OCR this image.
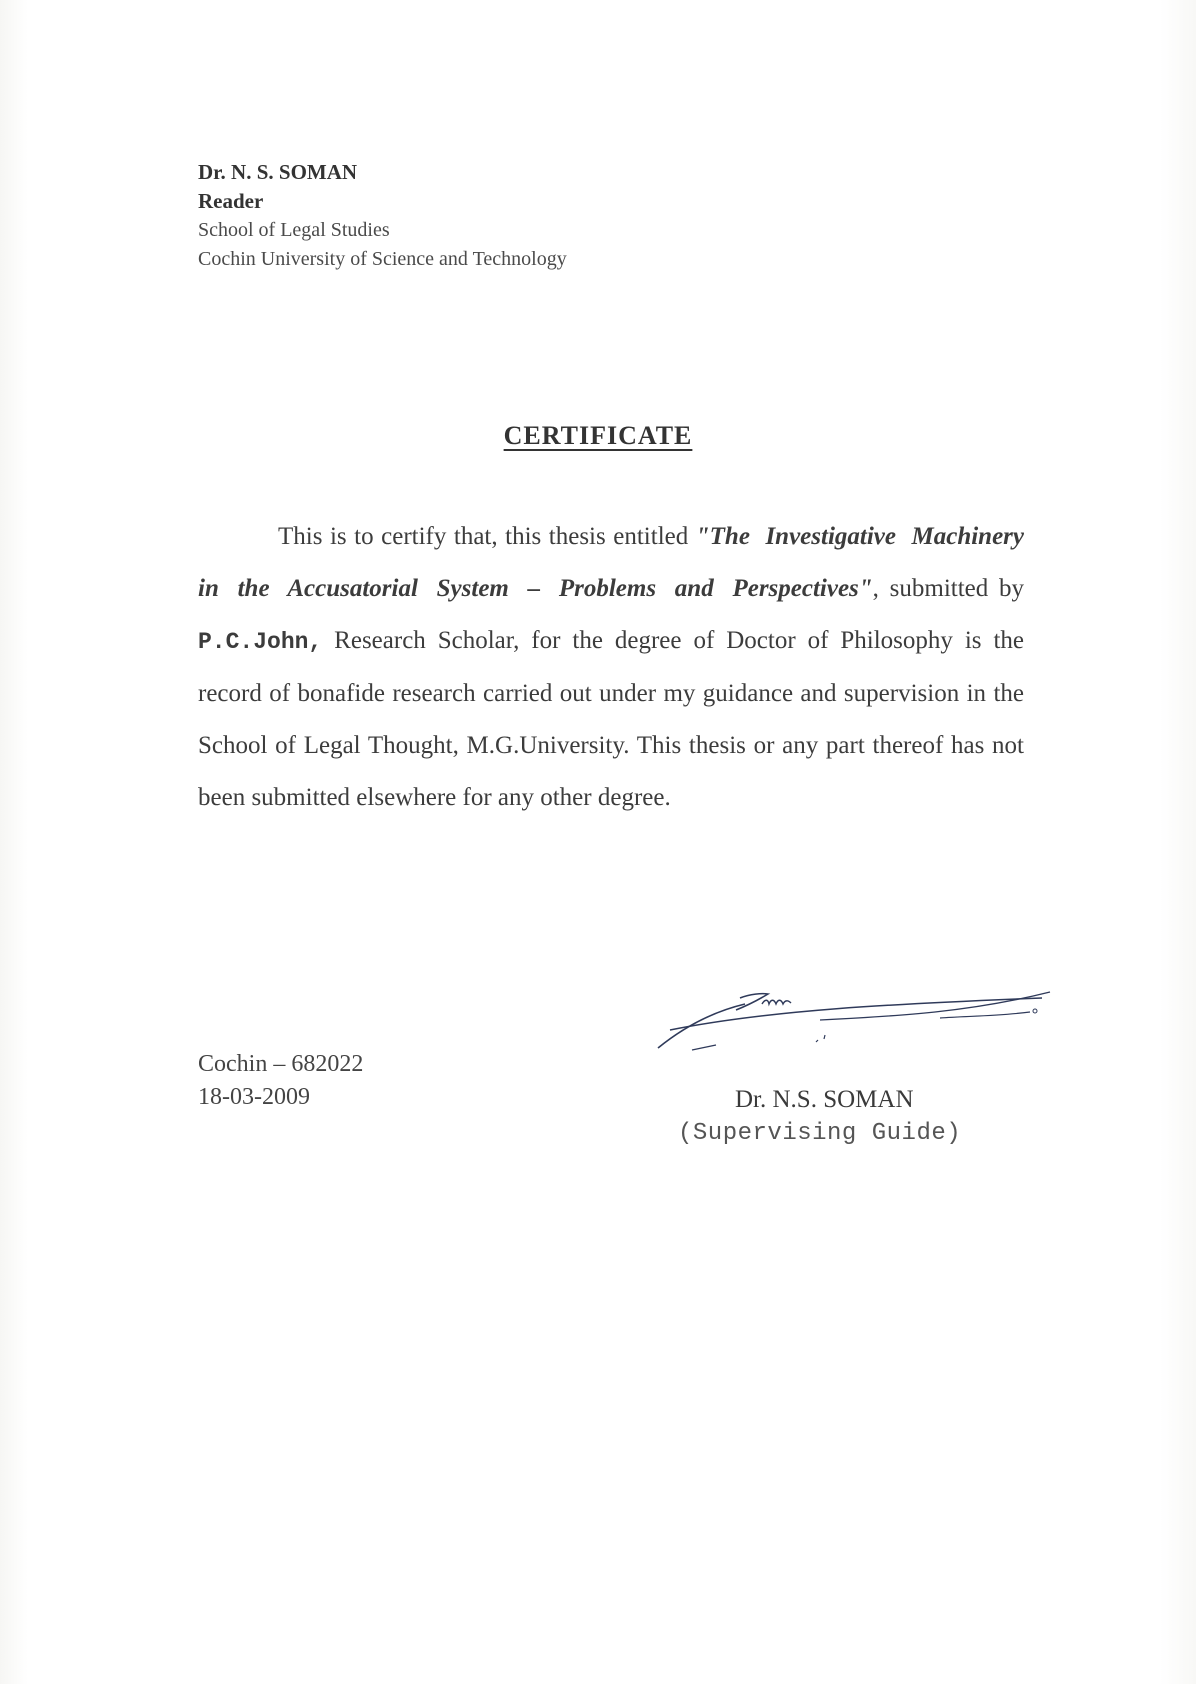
Dr. N. S. SOMAN
Reader
School of Legal Studies
Cochin University of Science and Technology
CERTIFICATE

This is to certify that, this thesis entitled "The Investigative Machinery in the Accusatorial System – Problems and Perspectives", submitted by P.C.John, Research Scholar, for the degree of Doctor of Philosophy is the record of bonafide research carried out under my guidance and supervision in the School of Legal Thought, M.G.University. This thesis or any part thereof has not been submitted elsewhere for any other degree.

Cochin – 682022
18-03-2009	Dr. N.S. SOMAN
(Supervising Guide)
